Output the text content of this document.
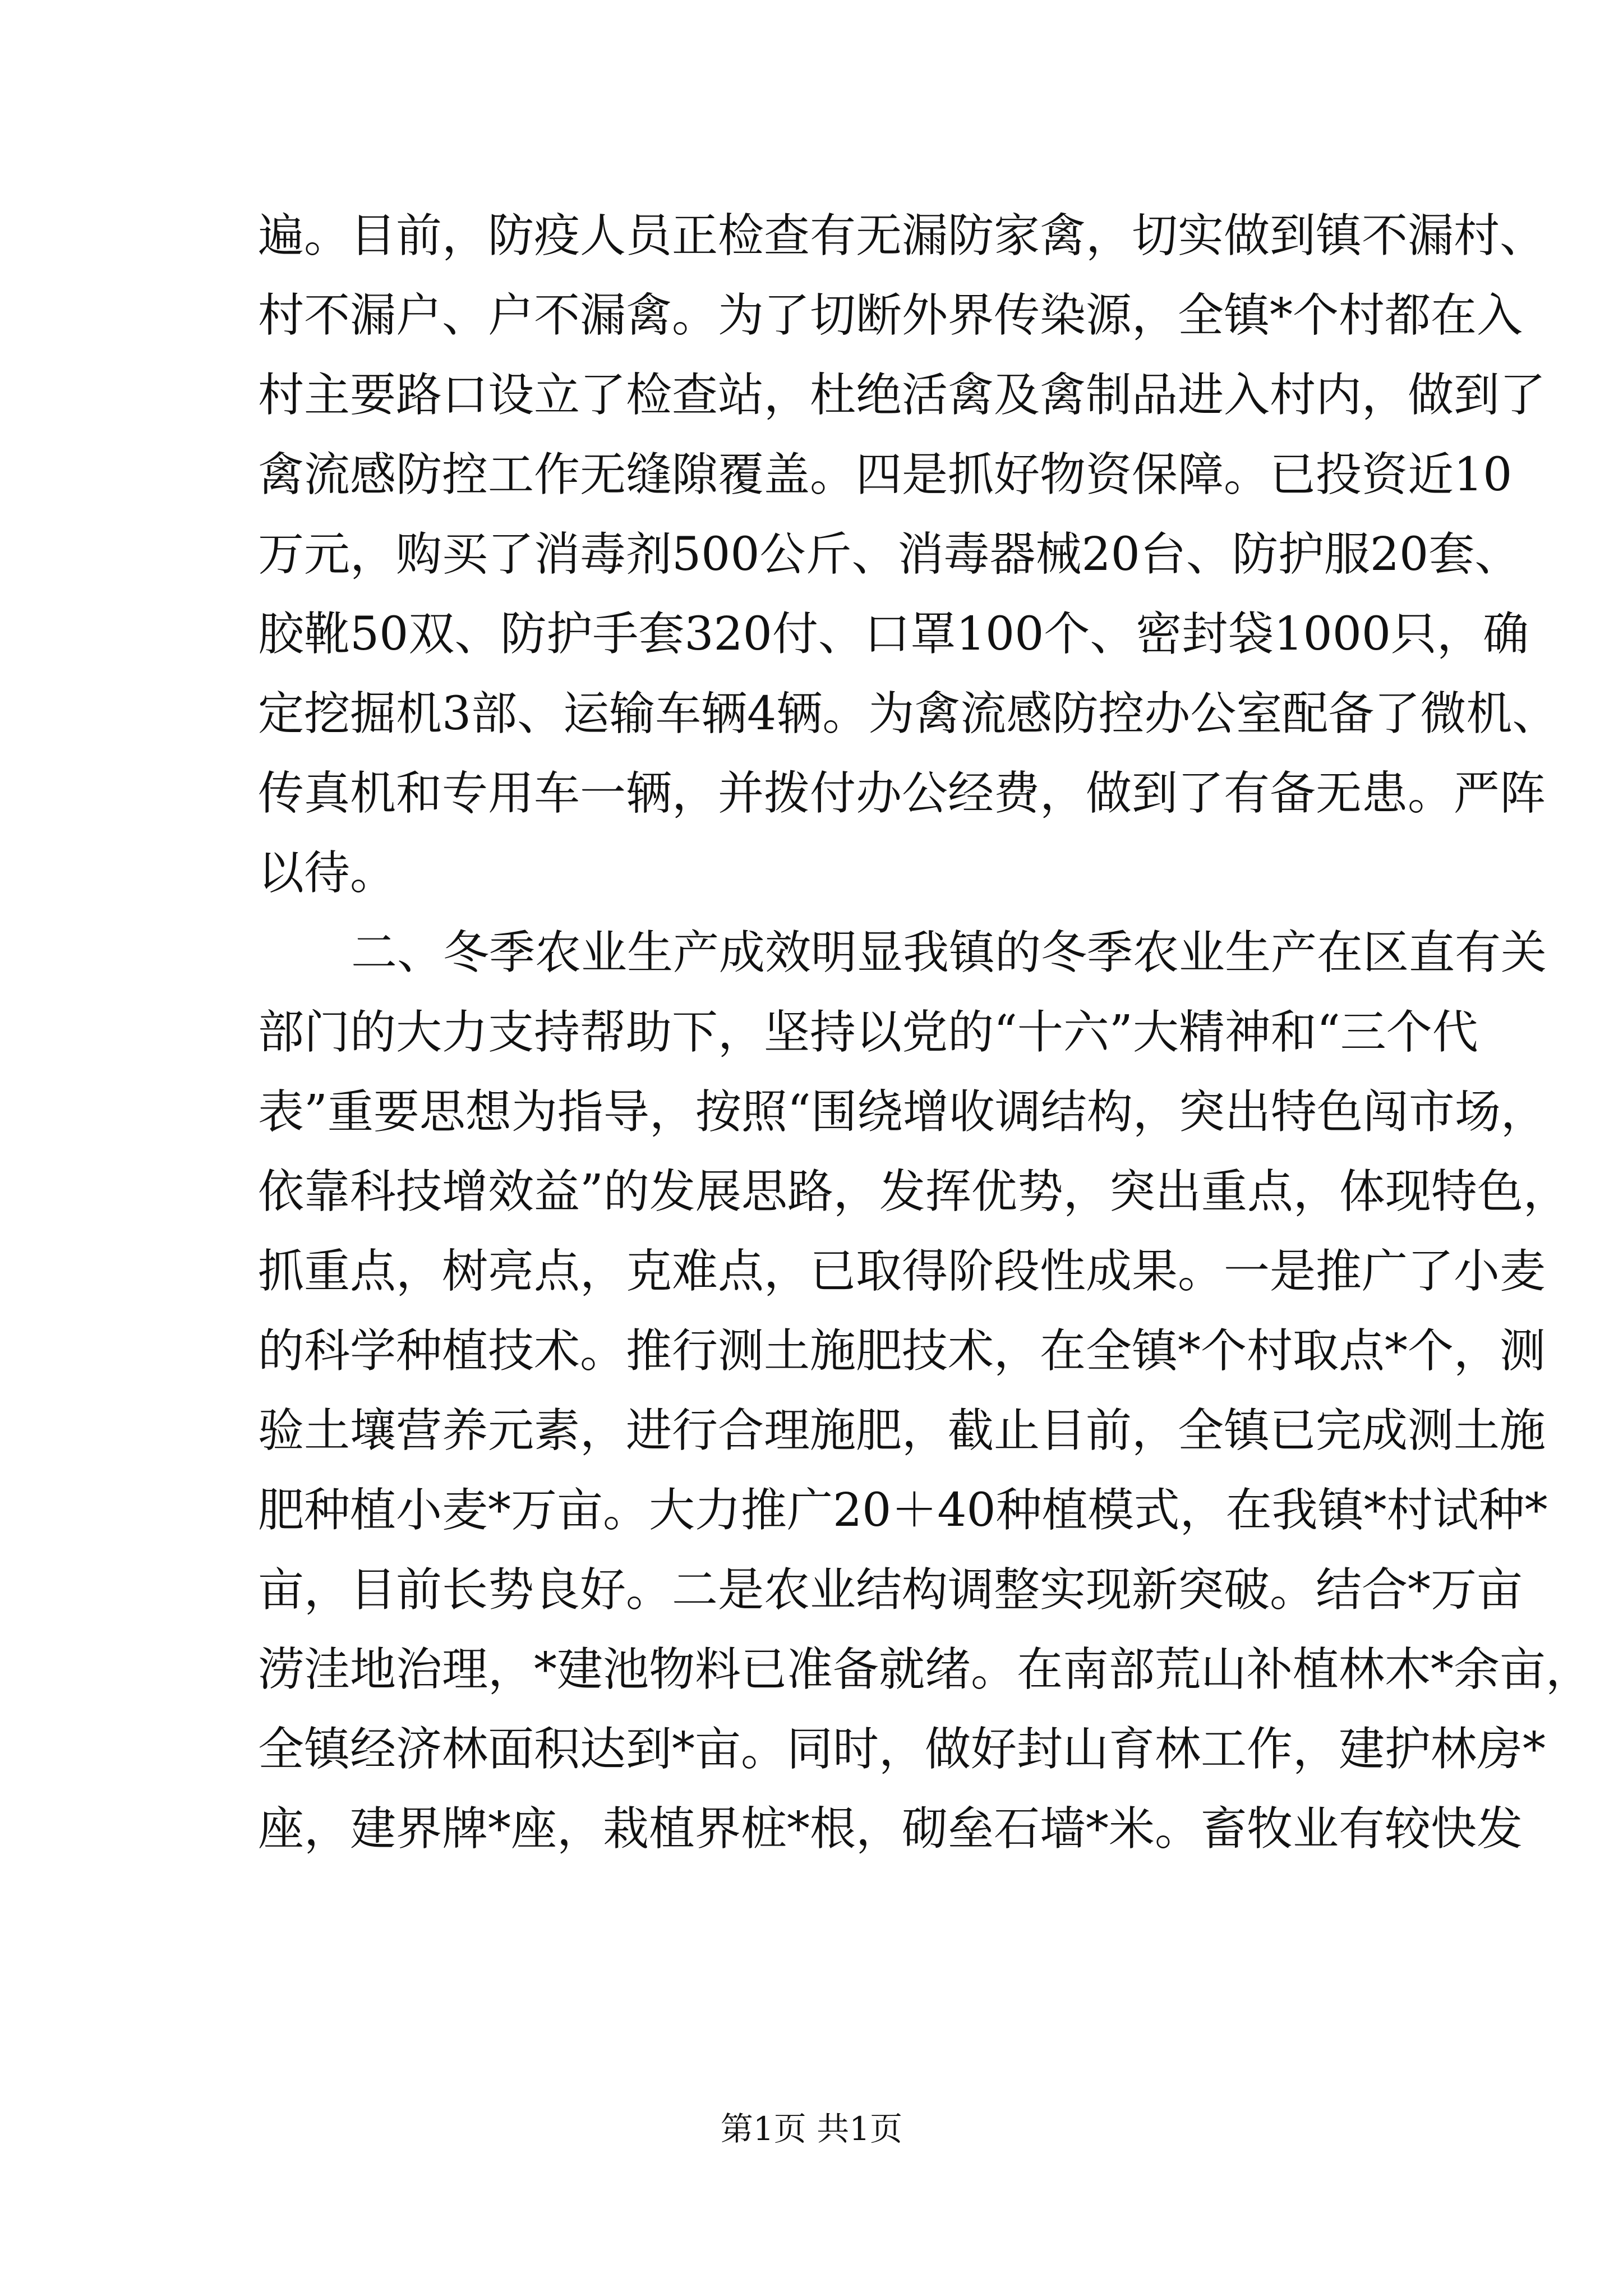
遍。目前，防疫人员正检查有无漏防家禽，切实做到镇不漏村、
村不漏户、户不漏禽。为了切断外界传染源，全镇*个村都在入
村主要路口设立了检查站，杜绝活禽及禽制品进入村内，做到了
禽流感防控工作无缝隙覆盖。四是抓好物资保障。已投资近10
万元，购买了消毒剂500公斤、消毒器械20台、防护服20套、
胶靴50双、防护手套320付、口罩100个、密封袋1000只，确
定挖掘机3部、运输车辆4辆。为禽流感防控办公室配备了微机、
传真机和专用车一辆，并拨付办公经费，做到了有备无患。严阵
以待。
二、冬季农业生产成效明显我镇的冬季农业生产在区直有关
部门的大力支持帮助下，坚持以党的“十六”大精神和“三个代
表”重要思想为指导，按照“围绕增收调结构，突出特色闯市场，
依靠科技增效益”的发展思路，发挥优势，突出重点，体现特色，
抓重点，树亮点，克难点，已取得阶段性成果。一是推广了小麦
的科学种植技术。推行测土施肥技术，在全镇*个村取点*个，测
验土壤营养元素，进行合理施肥，截止目前，全镇已完成测土施
肥种植小麦*万亩。大力推广20＋40种植模式，在我镇*村试种*
亩，目前长势良好。二是农业结构调整实现新突破。结合*万亩
涝洼地治理，*建池物料已准备就绪。在南部荒山补植林木*余亩，
全镇经济林面积达到*亩。同时，做好封山育林工作，建护林房*
座，建界牌*座，栽植界桩*根，砌垒石墙*米。畜牧业有较快发
第1页 共1页
